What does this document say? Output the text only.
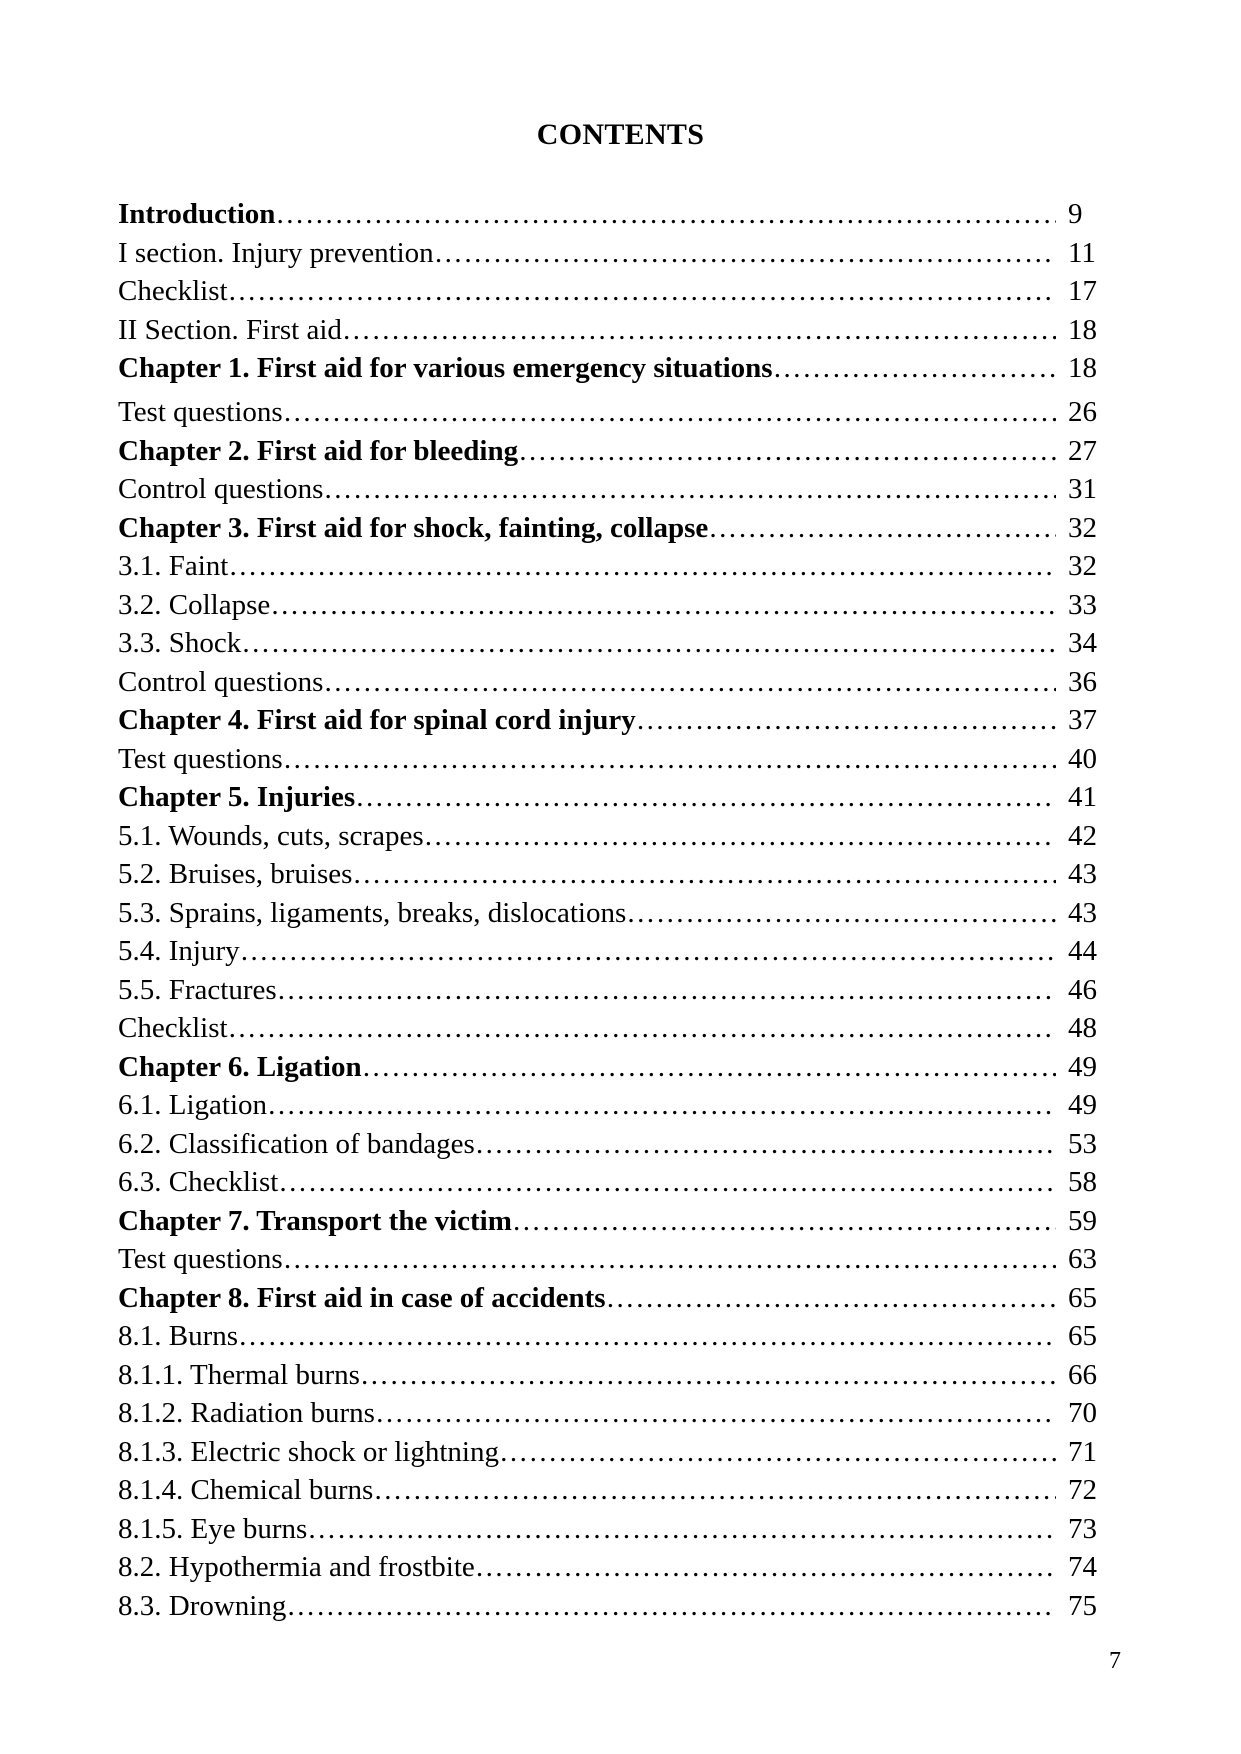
CONTENTS
Introduction ………………………………………………………………………………………………………………………………………………………………………………………………………………………………	9
I section. Injury prevention ………………………………………………………………………………………………………………………………………………………………………………………………………………………………	11
Checklist ………………………………………………………………………………………………………………………………………………………………………………………………………………………………	17
II Section. First aid ………………………………………………………………………………………………………………………………………………………………………………………………………………………………	18
Chapter 1. First aid for various emergency situations ………………………………………………………………………………………………………………………………………………………………………………………………………………………………	18
Test questions ………………………………………………………………………………………………………………………………………………………………………………………………………………………………	26
Chapter 2. First aid for bleeding ………………………………………………………………………………………………………………………………………………………………………………………………………………………………	27
Control questions ………………………………………………………………………………………………………………………………………………………………………………………………………………………………	31
Chapter 3. First aid for shock, fainting, collapse ………………………………………………………………………………………………………………………………………………………………………………………………………………………………	32
3.1. Faint ………………………………………………………………………………………………………………………………………………………………………………………………………………………………	32
3.2. Collapse ………………………………………………………………………………………………………………………………………………………………………………………………………………………………	33
3.3. Shock ………………………………………………………………………………………………………………………………………………………………………………………………………………………………	34
Control questions ………………………………………………………………………………………………………………………………………………………………………………………………………………………………	36
Chapter 4. First aid for spinal cord injury ………………………………………………………………………………………………………………………………………………………………………………………………………………………………	37
Test questions ………………………………………………………………………………………………………………………………………………………………………………………………………………………………	40
Chapter 5. Injuries ………………………………………………………………………………………………………………………………………………………………………………………………………………………………	41
5.1. Wounds, cuts, scrapes ………………………………………………………………………………………………………………………………………………………………………………………………………………………………	42
5.2. Bruises, bruises ………………………………………………………………………………………………………………………………………………………………………………………………………………………………	43
5.3. Sprains, ligaments, breaks, dislocations ………………………………………………………………………………………………………………………………………………………………………………………………………………………………	43
5.4. Injury ………………………………………………………………………………………………………………………………………………………………………………………………………………………………	44
5.5. Fractures ………………………………………………………………………………………………………………………………………………………………………………………………………………………………	46
Checklist ………………………………………………………………………………………………………………………………………………………………………………………………………………………………	48
Chapter 6. Ligation ………………………………………………………………………………………………………………………………………………………………………………………………………………………………	49
6.1. Ligation ………………………………………………………………………………………………………………………………………………………………………………………………………………………………	49
6.2. Classification of bandages ………………………………………………………………………………………………………………………………………………………………………………………………………………………………	53
6.3. Checklist ………………………………………………………………………………………………………………………………………………………………………………………………………………………………	58
Chapter 7. Transport the victim ………………………………………………………………………………………………………………………………………………………………………………………………………………………………	59
Test questions ………………………………………………………………………………………………………………………………………………………………………………………………………………………………	63
Chapter 8. First aid in case of accidents ………………………………………………………………………………………………………………………………………………………………………………………………………………………………	65
8.1. Burns ………………………………………………………………………………………………………………………………………………………………………………………………………………………………	65
8.1.1. Thermal burns ………………………………………………………………………………………………………………………………………………………………………………………………………………………………	66
8.1.2. Radiation burns ………………………………………………………………………………………………………………………………………………………………………………………………………………………………	70
8.1.3. Electric shock or lightning ………………………………………………………………………………………………………………………………………………………………………………………………………………………………	71
8.1.4. Chemical burns ………………………………………………………………………………………………………………………………………………………………………………………………………………………………	72
8.1.5. Eye burns ………………………………………………………………………………………………………………………………………………………………………………………………………………………………	73
8.2. Hypothermia and frostbite ………………………………………………………………………………………………………………………………………………………………………………………………………………………………	74
8.3. Drowning ………………………………………………………………………………………………………………………………………………………………………………………………………………………………	75
7
